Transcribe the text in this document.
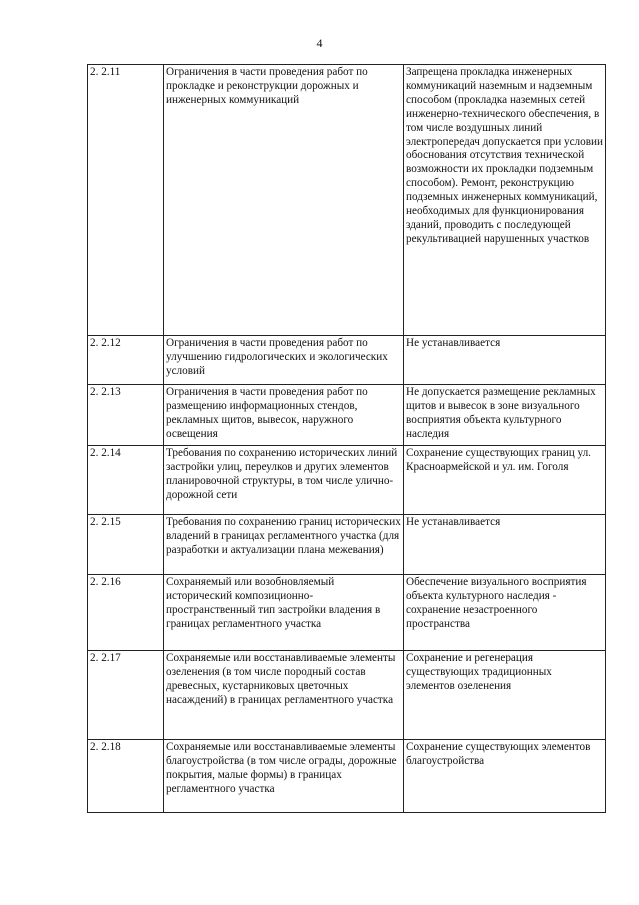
4
2. 2.11	Ограничения в части проведения работ по прокладке и реконструкции дорожных и инженерных коммуникаций	Запрещена прокладка инженерных коммуникаций наземным и надземным способом (прокладка наземных сетей инженерно-технического обеспечения, в том числе воздушных линий электропередач допускается при условии обоснования отсутствия технической возможности их прокладки подземным способом). Ремонт, реконструкцию подземных инженерных коммуникаций, необходимых для функционирования зданий, проводить с последующей рекультивацией нарушенных участков
2. 2.12	Ограничения в части проведения работ по улучшению гидрологических и экологических условий	Не устанавливается
2. 2.13	Ограничения в части проведения работ по размещению информационных стендов, рекламных щитов, вывесок, наружного освещения	Не допускается размещение рекламных щитов и вывесок в зоне визуального восприятия объекта культурного наследия
2. 2.14	Требования по сохранению исторических линий застройки улиц, переулков и других элементов планировочной структуры, в том числе улично-дорожной сети	Сохранение существующих границ ул. Красноармейской и ул. им. Гоголя
2. 2.15	Требования по сохранению границ исторических владений в границах регламентного участка (для разработки и актуализации плана межевания)	Не устанавливается
2. 2.16	Сохраняемый или возобновляемый исторический композиционно-пространственный тип застройки владения в границах регламентного участка	Обеспечение визуального восприятия объекта культурного наследия - сохранение незастроенного пространства
2. 2.17	Сохраняемые или восстанавливаемые элементы озеленения (в том числе породный состав древесных, кустарниковых цветочных насаждений) в границах регламентного участка	Сохранение и регенерация существующих традиционных элементов озеленения
2. 2.18	Сохраняемые или восстанавливаемые элементы благоустройства (в том числе ограды, дорожные покрытия, малые формы) в границах регламентного участка	Сохранение существующих элементов благоустройства
